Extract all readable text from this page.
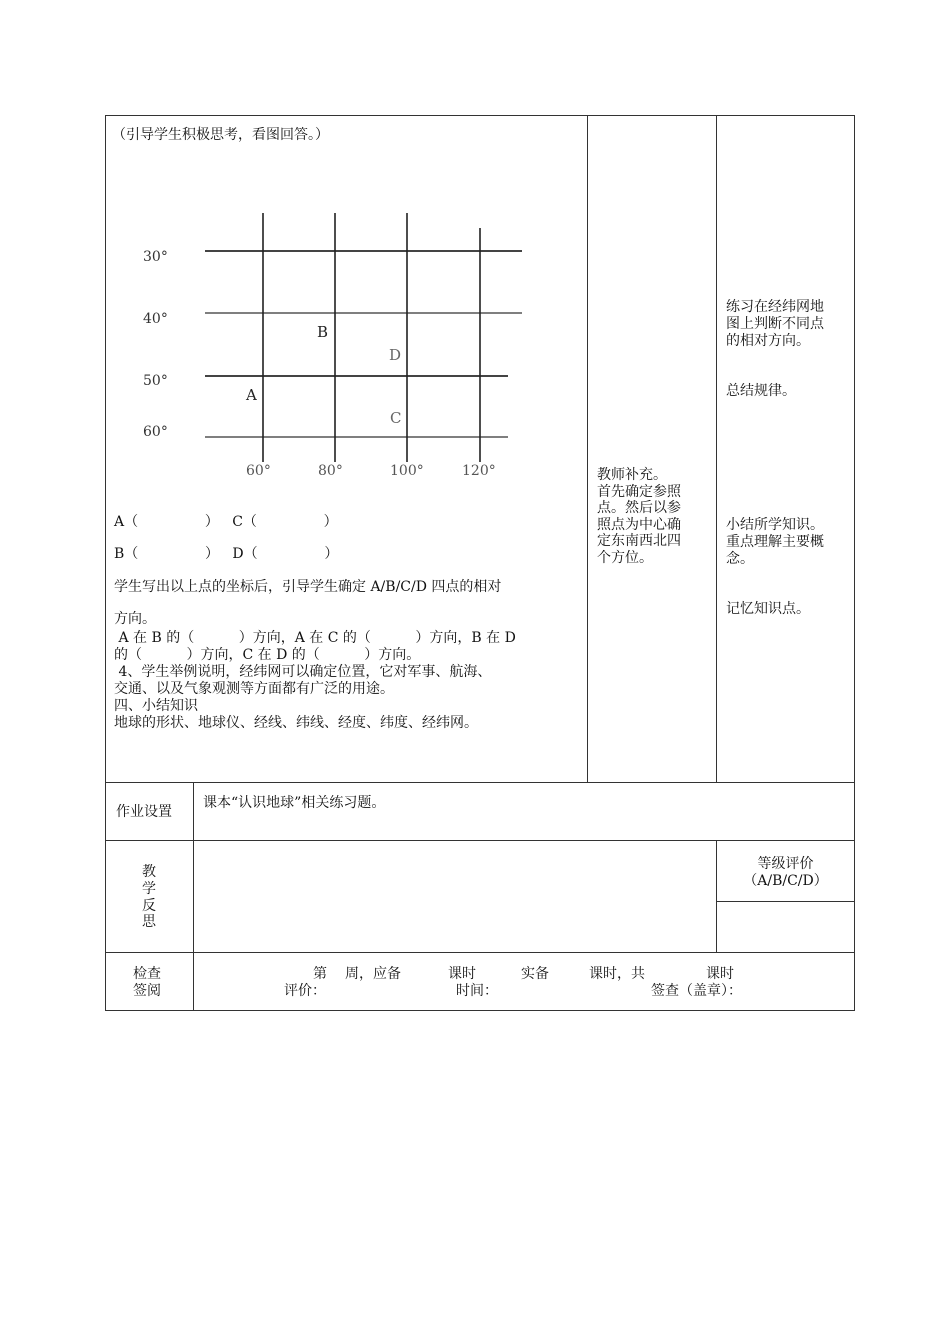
（引导学生积极思考，看图回答。）
30°
40°
50°
60°
60°	80°	100°	120°
A
B
C
D
A（               ）   C（               ）
B（               ）   D（               ）
学生写出以上点的坐标后，引导学生确定 A/B/C/D 四点的相对
方向。
A 在 B 的（          ）方向，A 在 C 的（          ）方向，B 在 D
的（          ）方向，C 在 D 的（          ）方向。
4、学生举例说明，经纬网可以确定位置，它对军事、航海、
交通、以及气象观测等方面都有广泛的用途。
四、小结知识
地球的形状、地球仪、经线、纬线、经度、纬度、经纬网。
教师补充。
首先确定参照
点。然后以参
照点为中心确
定东南西北四
个方位。
练习在经纬网地
图上判断不同点
的相对方向。
总结规律。
小结所学知识。
重点理解主要概
念。
记忆知识点。
作业设置
课本“认识地球”相关练习题。
教
学
反
思
等级评价
（A/B/C/D）
检查
签阅
第 周，应备	课时	实备	课时，共	课时
评价：	时间：	签查（盖章）：
